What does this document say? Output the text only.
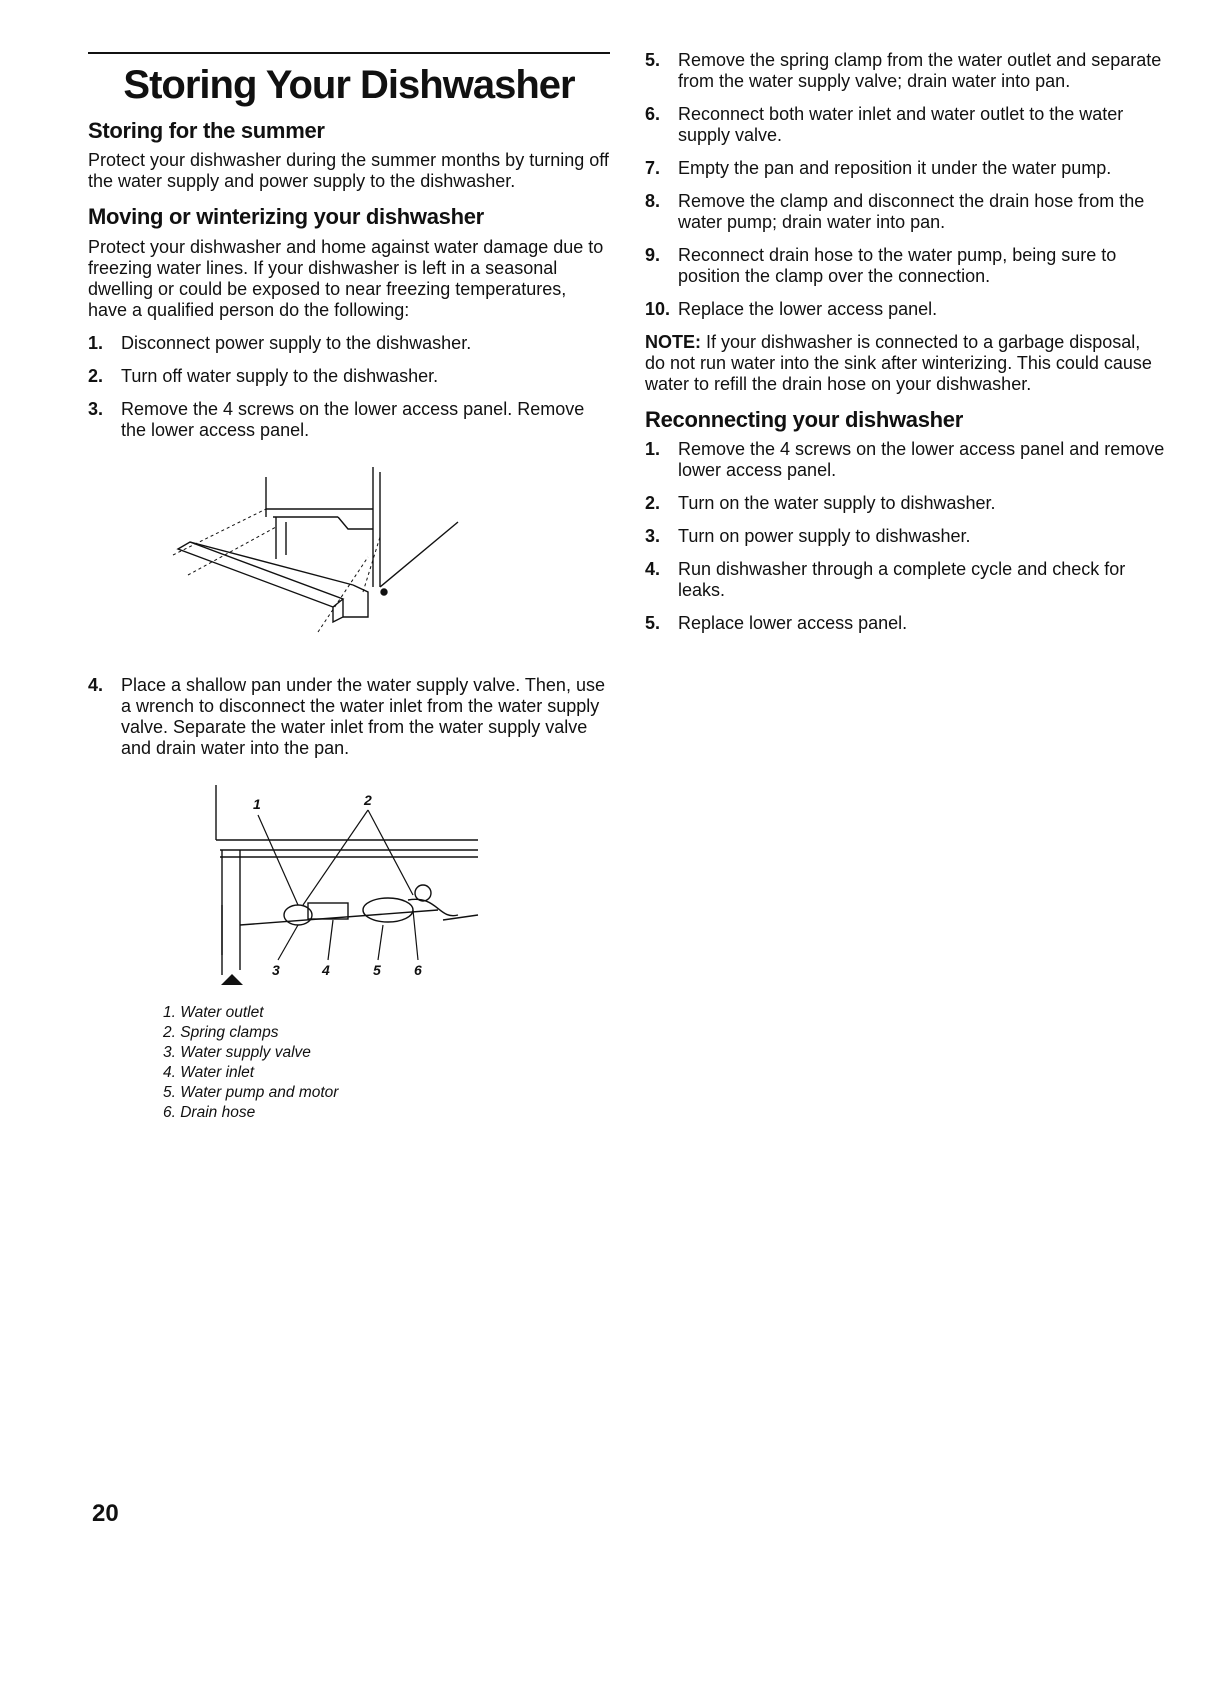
Storing Your Dishwasher
Storing for the summer

Protect your dishwasher during the summer months by turning off the water supply and power supply to the dishwasher.

Moving or winterizing your dishwasher

Protect your dishwasher and home against water damage due to freezing water lines. If your dishwasher is left in a seasonal dwelling or could be exposed to near freezing temperatures, have a qualified person do the following:

1. Disconnect power supply to the dishwasher.
2. Turn off water supply to the dishwasher.
3. Remove the 4 screws on the lower access panel. Remove the lower access panel.
4. Place a shallow pan under the water supply valve. Then, use a wrench to disconnect the water inlet from the water supply valve. Separate the water inlet from the water supply valve and drain water into the pan.
1	2
3	4	5 6
1. Water outlet
2. Spring clamps
3. Water supply valve
4. Water inlet
5. Water pump and motor
6. Drain hose
5. Remove the spring clamp from the water outlet and separate from the water supply valve; drain water into pan.
6. Reconnect both water inlet and water outlet to the water supply valve.
7. Empty the pan and reposition it under the water pump.
8. Remove the clamp and disconnect the drain hose from the water pump; drain water into pan.
9. Reconnect drain hose to the water pump, being sure to position the clamp over the connection.
10. Replace the lower access panel.

NOTE: If your dishwasher is connected to a garbage disposal, do not run water into the sink after winterizing. This could cause water to refill the drain hose on your dishwasher.

Reconnecting your dishwasher
1. Remove the 4 screws on the lower access panel and remove lower access panel.
2. Turn on the water supply to dishwasher.
3. Turn on power supply to dishwasher.
4. Run dishwasher through a complete cycle and check for leaks.
5. Replace lower access panel.
20
